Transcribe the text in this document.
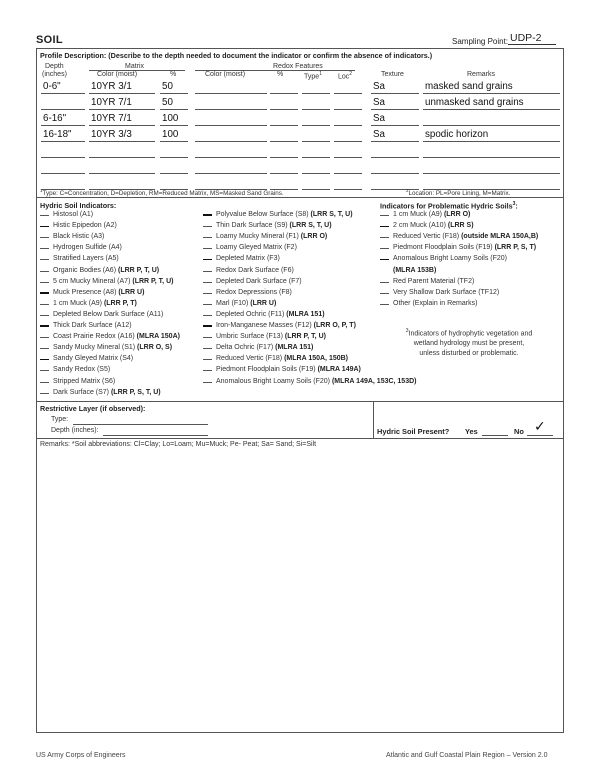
SOIL	Sampling Point: UDP-2
Profile Description: (Describe to the depth needed to document the indicator or confirm the absence of indicators.)
Depth
(inches)
Matrix	Redox Features
Color (moist)	%	Color (moist)	%	Type$^1$ Loc$^2$	Texture	Remarks
0-6"	10YR 3/1	50	Sa	masked sand grains
10YR 7/1	50	Sa	unmasked sand grains
6-16"	10YR 7/1	100	Sa
16-18" 10YR 3/3	100	Sa	spodic horizon
$^1$Type: C=Concentration, D=Depletion, RM=Reduced Matrix, MS=Masked Sand Grains.	$^2$Location: PL=Pore Lining, M=Matrix.
Hydric Soil Indicators:	Indicators for Problematic Hydric Soils$^3$:
Histosol (A1)
Histic Epipedon (A2)
Black Histic (A3)
Hydrogen Sulfide (A4)
Stratified Layers (A5)
Organic Bodies (A6) (LRR P, T, U)
5 cm Mucky Mineral (A7) (LRR P, T, U)
Muck Presence (A8) (LRR U)
1 cm Muck (A9) (LRR P, T)
Depleted Below Dark Surface (A11)
Thick Dark Surface (A12)
Coast Prairie Redox (A16) (MLRA 150A)
Sandy Mucky Mineral (S1) (LRR O, S)
Sandy Gleyed Matrix (S4)
Sandy Redox (S5)
Stripped Matrix (S6)
Dark Surface (S7) (LRR P, S, T, U)
Polyvalue Below Surface (S8) (LRR S, T, U)
Thin Dark Surface (S9) (LRR S, T, U)
Loamy Mucky Mineral (F1) (LRR O)
Loamy Gleyed Matrix (F2)
Depleted Matrix (F3)
Redox Dark Surface (F6)
Depleted Dark Surface (F7)
Redox Depressions (F8)
Marl (F10) (LRR U)
Depleted Ochric (F11) (MLRA 151)
Iron-Manganese Masses (F12) (LRR O, P, T)
Umbric Surface (F13) (LRR P, T, U)
Delta Ochric (F17) (MLRA 151)
Reduced Vertic (F18) (MLRA 150A, 150B)
Piedmont Floodplain Soils (F19) (MLRA 149A)
Anomalous Bright Loamy Soils (F20) (MLRA 149A, 153C, 153D)
1 cm Muck (A9) (LRR O)
2 cm Muck (A10) (LRR S)
Reduced Vertic (F18) (outside MLRA 150A,B)
Piedmont Floodplain Soils (F19) (LRR P, S, T)
Anomalous Bright Loamy Soils (F20)
(MLRA 153B)
Red Parent Material (TF2)
Very Shallow Dark Surface (TF12)
Other (Explain in Remarks)
$^3$Indicators of hydrophytic vegetation and
wetland hydrology must be present,
unless disturbed or problematic.
Restrictive Layer (if observed):
Type:
Depth (inches):	Hydric Soil Present? Yes	No ✓
Remarks: *Soil abbreviations: Cl=Clay; Lo=Loam; Mu=Muck; Pe- Peat; Sa= Sand; Si=Silt
US Army Corps of Engineers	Atlantic and Gulf Coastal Plain Region – Version 2.0
